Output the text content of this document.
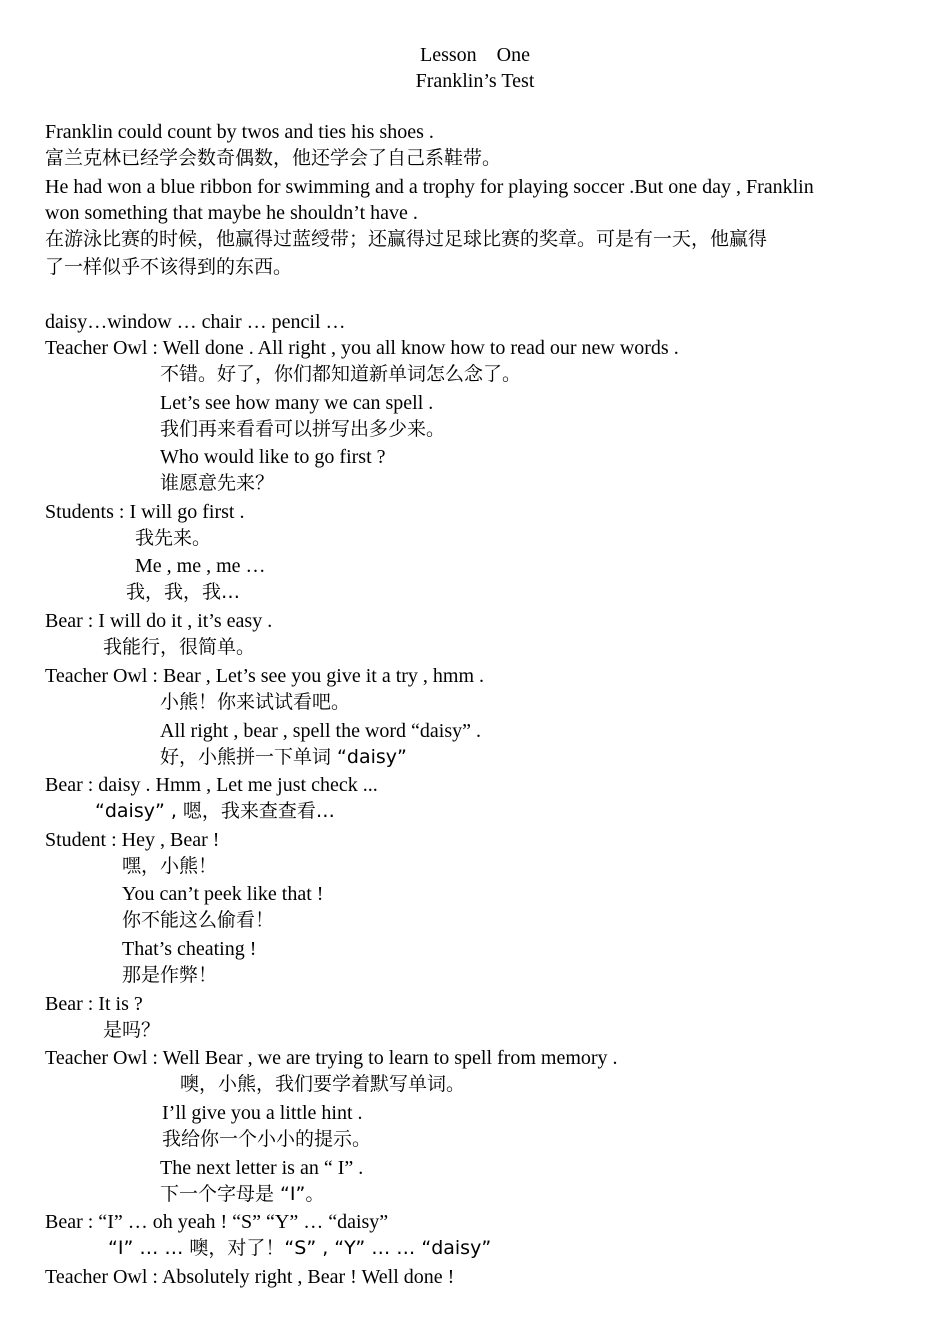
Lesson    One
Franklin’s Test
Franklin could count by twos and ties his shoes .
富兰克林已经学会数奇偶数，他还学会了自己系鞋带。
He had won a blue ribbon for swimming and a trophy for playing soccer .But one day , Franklin
won something that maybe he shouldn’t have .
在游泳比赛的时候，他赢得过蓝绶带；还赢得过足球比赛的奖章。可是有一天，他赢得
了一样似乎不该得到的东西。
daisy…window … chair … pencil …
Teacher Owl : Well done . All right , you all know how to read our new words .
不错。好了，你们都知道新单词怎么念了。
Let’s see how many we can spell .
我们再来看看可以拼写出多少来。
Who would like to go first ?
谁愿意先来？
Students : I will go first .
我先来。
Me , me , me …
我，我，我…
Bear : I will do it , it’s easy .
我能行，很简单。
Teacher Owl : Bear , Let’s see you give it a try , hmm .
小熊！你来试试看吧。
All right , bear , spell the word “daisy” .
好，小熊拼一下单词 “daisy”
Bear : daisy . Hmm , Let me just check ...
“daisy” , 嗯，我来查查看…
Student : Hey , Bear !
嘿，小熊！
You can’t peek like that !
你不能这么偷看！
That’s cheating !
那是作弊！
Bear : It is ?
是吗？
Teacher Owl : Well Bear , we are trying to learn to spell from memory .
噢，小熊，我们要学着默写单词。
I’ll give you a little hint .
我给你一个小小的提示。
The next letter is an “ I” .
下一个字母是 “I”。
Bear : “I” … oh yeah ! “S” “Y” … “daisy”
“I” … … 噢，对了！“S” , “Y” … … “daisy”
Teacher Owl : Absolutely right , Bear ! Well done !
